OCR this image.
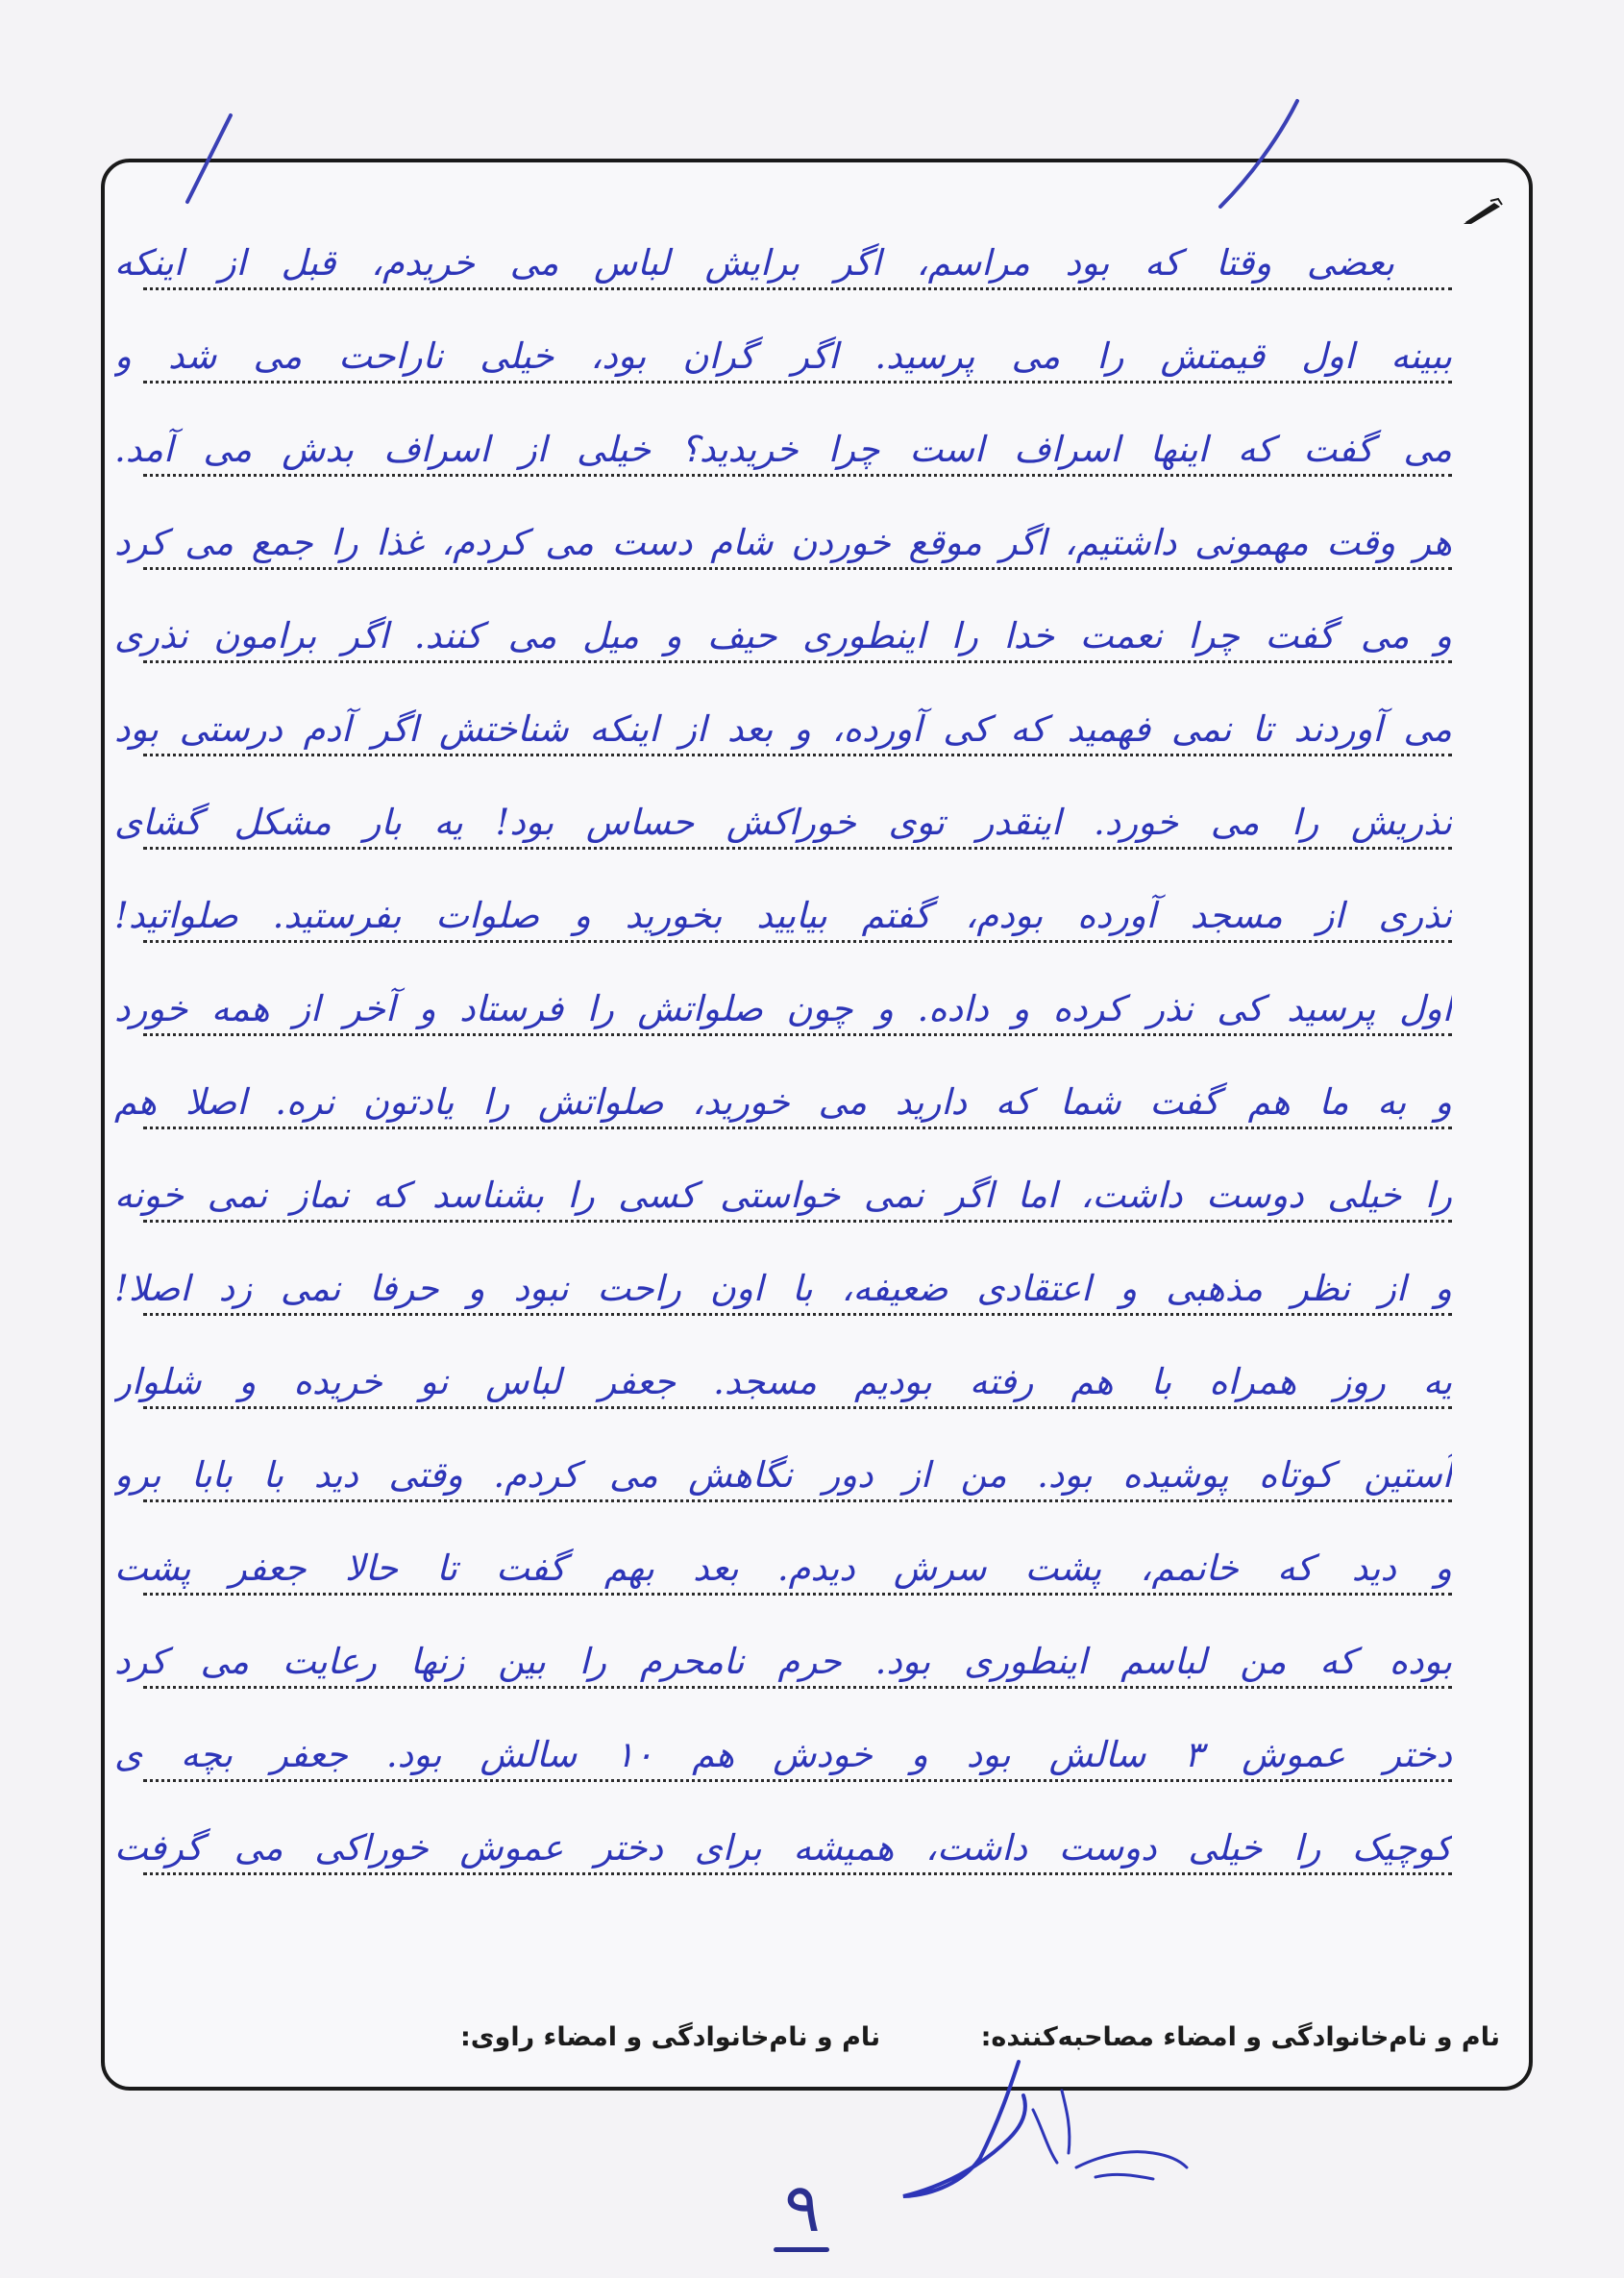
بعضی وقتا که بود مراسم، اگر برایش لباس می خریدم، قبل از اینکه
ببینه اول قیمتش را می پرسید. اگر گران بود، خیلی ناراحت می شد و
می گفت که اینها اسراف است چرا خریدید؟ خیلی از اسراف بدش می آمد.
هر وقت مهمونی داشتیم، اگر موقع خوردن شام دست می کردم، غذا را جمع می کرد
و می گفت چرا نعمت خدا را اینطوری حیف و میل می کنند. اگر برامون نذری
می آوردند تا نمی فهمید که کی آورده، و بعد از اینکه شناختش اگر آدم درستی بود
نذریش را می خورد. اینقدر توی خوراکش حساس بود! یه بار مشکل گشای
نذری از مسجد آورده بودم، گفتم بیایید بخورید و صلوات بفرستید. صلواتید!
اول پرسید کی نذر کرده و داده. و چون صلواتش را فرستاد و آخر از همه خورد
و به ما هم گفت شما که دارید می خورید، صلواتش را یادتون نره. اصلا هم
را خیلی دوست داشت، اما اگر نمی خواستی کسی را بشناسد که نماز نمی خونه
و از نظر مذهبی و اعتقادی ضعیفه، با اون راحت نبود و حرفا نمی زد اصلا!
یه روز همراه با هم رفته بودیم مسجد. جعفر لباس نو خریده و شلوار
آستین کوتاه پوشیده بود. من از دور نگاهش می کردم. وقتی دید با بابا برو
و دید که خانمم، پشت سرش دیدم. بعد بهم گفت تا حالا جعفر پشت
بوده که من لباسم اینطوری بود. حرم نامحرم را بین زنها رعایت می کرد
دختر عموش ۳ سالش بود و خودش هم ۱۰ سالش بود. جعفر بچه ی
کوچیک را خیلی دوست داشت، همیشه برای دختر عموش خوراکی می گرفت
نام و نام‌خانوادگی و امضاء مصاحبه‌کننده:
نام و نام‌خانوادگی و امضاء راوی:
۹
